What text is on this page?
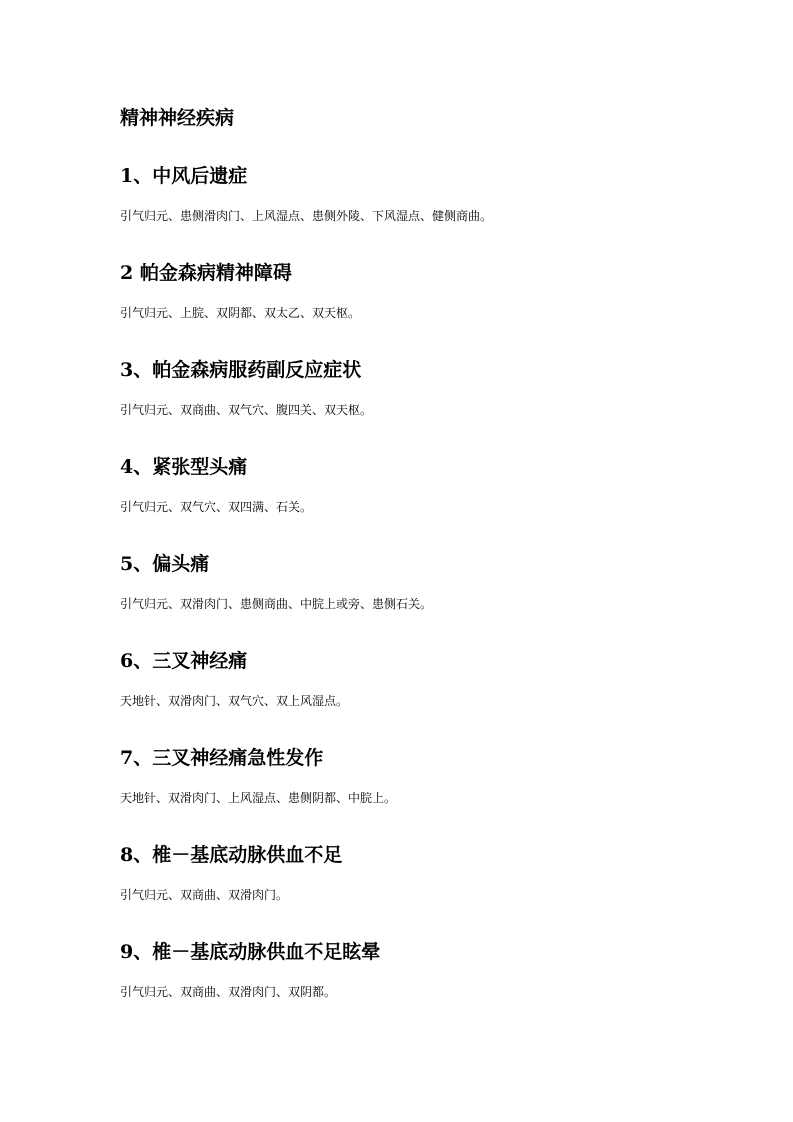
精神神经疾病
1、中风后遗症

引气归元、患侧滑肉门、上风湿点、患侧外陵、下风湿点、健侧商曲。

2 帕金森病精神障碍

引气归元、上脘、双阴都、双太乙、双天枢。

3、帕金森病服药副反应症状

引气归元、双商曲、双气穴、腹四关、双天枢。

4、紧张型头痛

引气归元、双气穴、双四满、石关。

5、偏头痛

引气归元、双滑肉门、患侧商曲、中脘上或旁、患侧石关。

6、三叉神经痛

天地针、双滑肉门、双气穴、双上风湿点。

7、三叉神经痛急性发作

天地针、双滑肉门、上风湿点、患侧阴都、中脘上。

8、椎－基底动脉供血不足

引气归元、双商曲、双滑肉门。

9、椎－基底动脉供血不足眩晕

引气归元、双商曲、双滑肉门、双阴都。
